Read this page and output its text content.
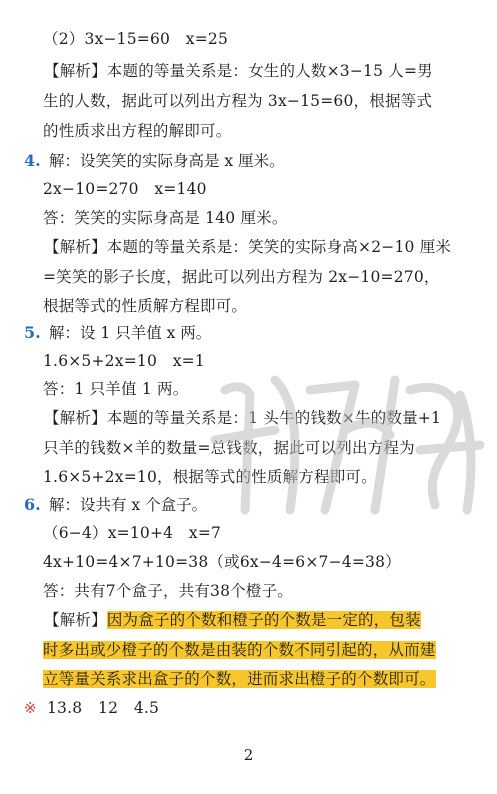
（2）3x−15=60　x=25
【解析】本题的等量关系是：女生的人数×3−15 人=男
生的人数，据此可以列出方程为 3x−15=60，根据等式
的性质求出方程的解即可。
4. 解：设笑笑的实际身高是 x 厘米。
2x−10=270　x=140
答：笑笑的实际身高是 140 厘米。
【解析】本题的等量关系是：笑笑的实际身高×2−10 厘米
=笑笑的影子长度，据此可以列出方程为 2x−10=270，
根据等式的性质解方程即可。
5. 解：设 1 只羊值 x 两。
1.6×5+2x=10　x=1
答：1 只羊值 1 两。
【解析】本题的等量关系是：1 头牛的钱数×牛的数量+1
只羊的钱数×羊的数量=总钱数，据此可以列出方程为
1.6×5+2x=10，根据等式的性质解方程即可。
6. 解：设共有 x 个盒子。
（6−4）x=10+4　x=7
4x+10=4×7+10=38（或6x−4=6×7−4=38）
答：共有7个盒子，共有38个橙子。
【解析】因为盒子的个数和橙子的个数是一定的，包装
时多出或少橙子的个数是由装的个数不同引起的，从而建
立等量关系求出盒子的个数，进而求出橙子的个数即可。
※ 13.8　12　4.5
2
